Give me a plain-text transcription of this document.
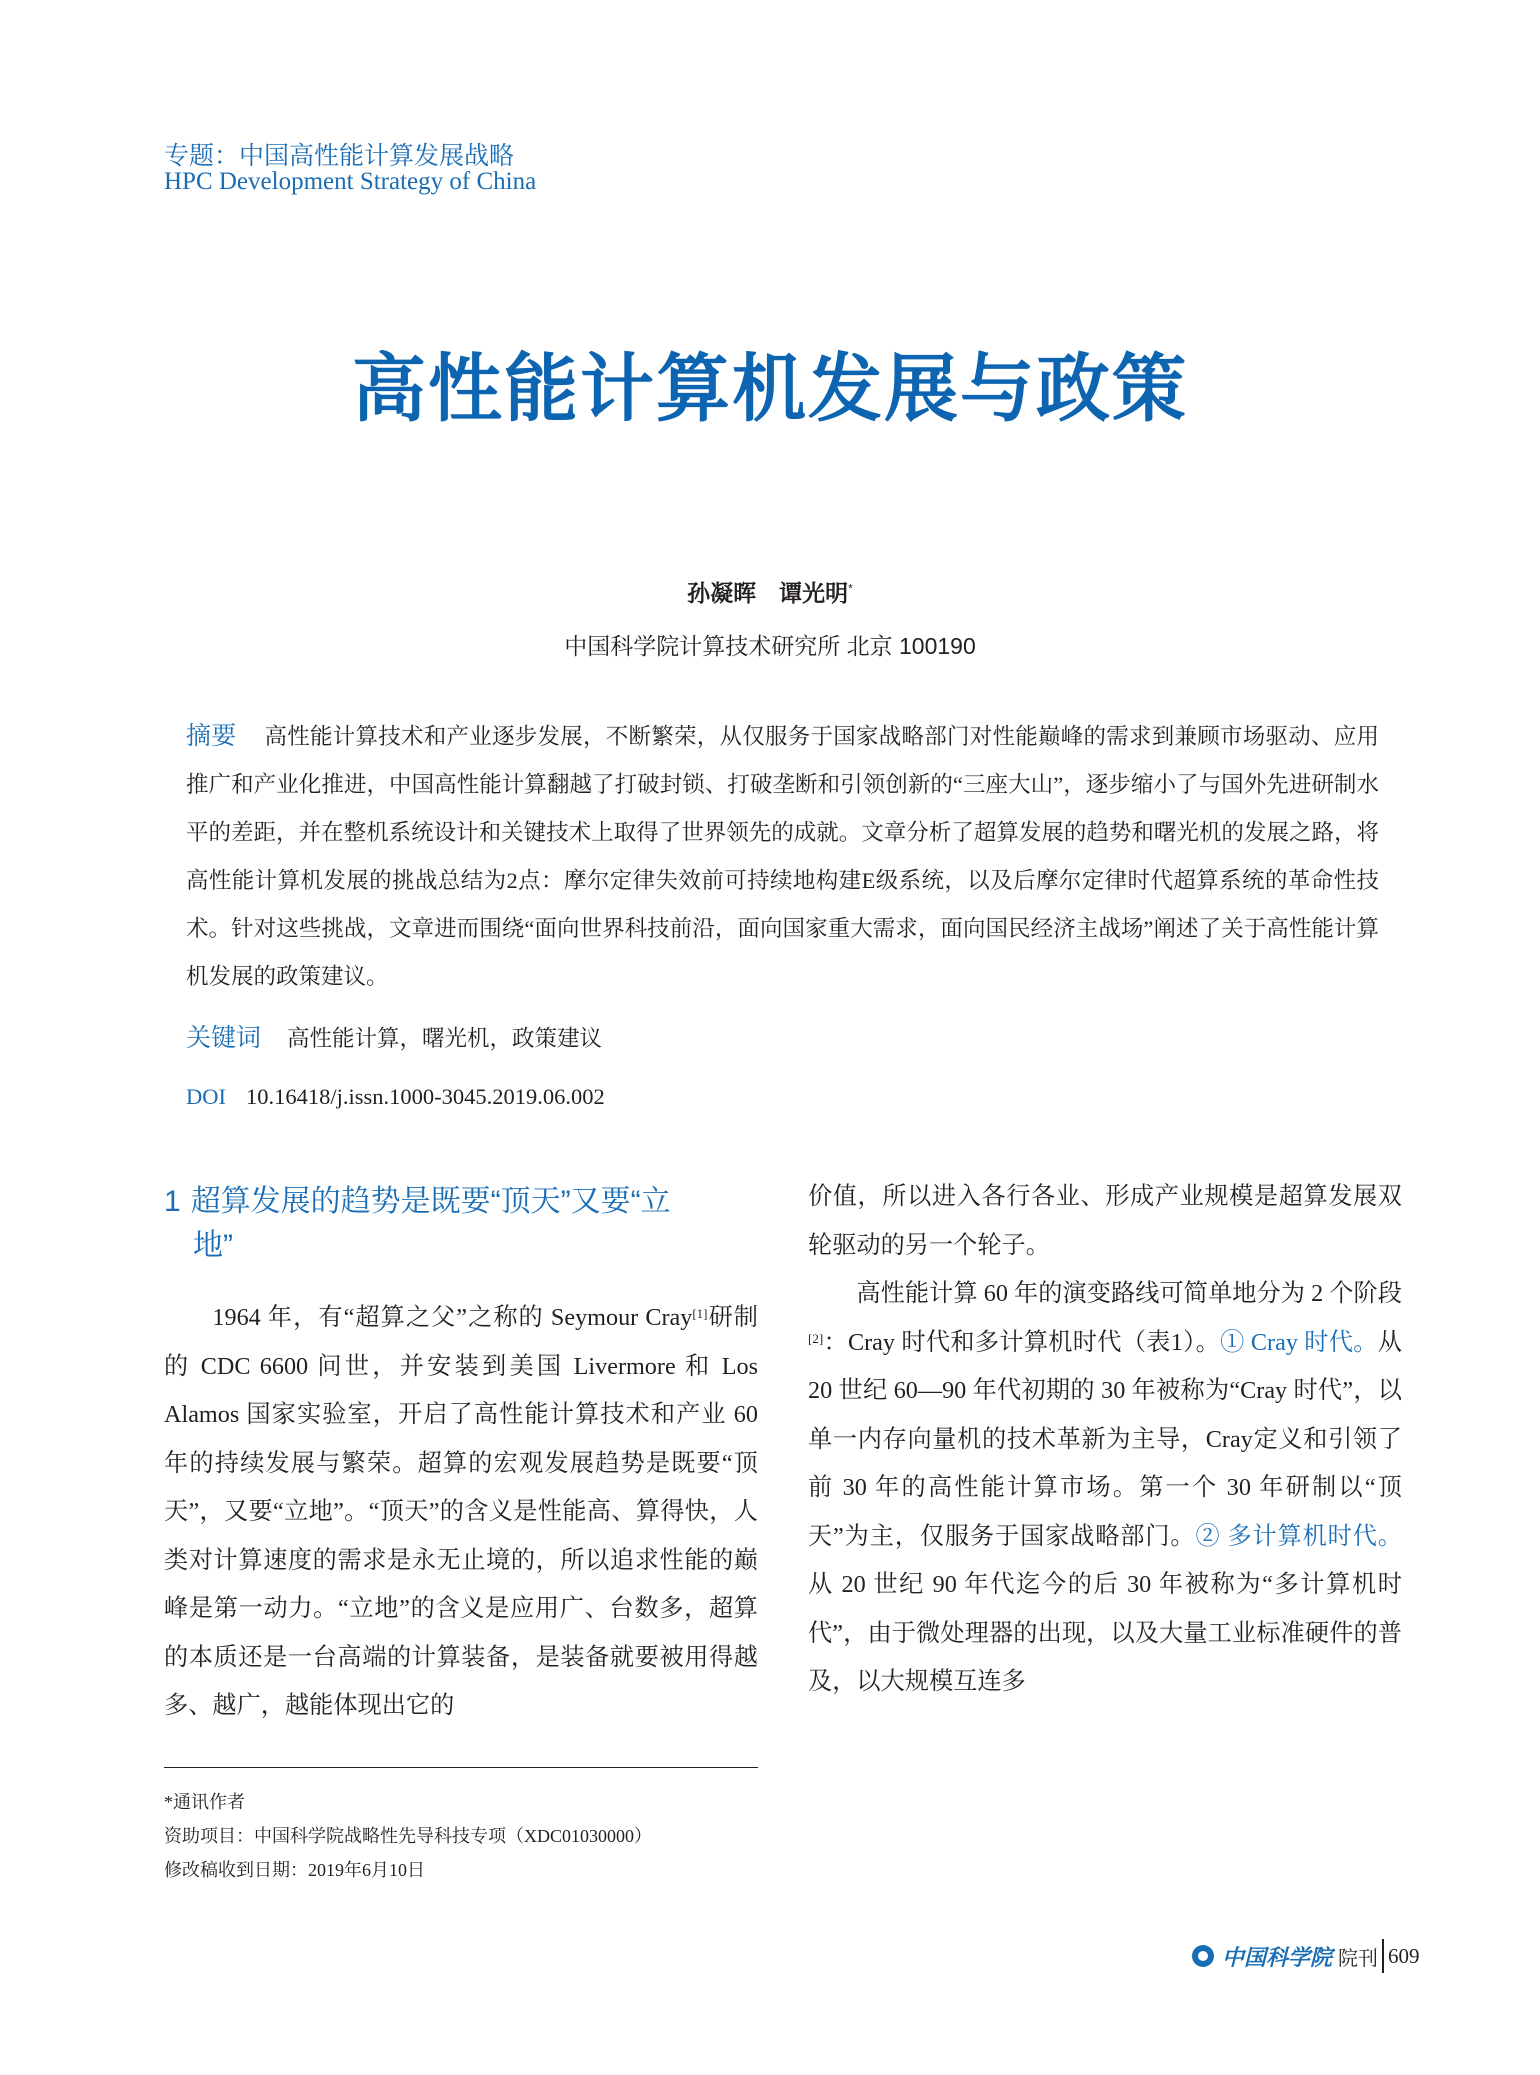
专题：中国高性能计算发展战略
HPC Development Strategy of China
高性能计算机发展与政策
孙凝晖　谭光明*
中国科学院计算技术研究所 北京 100190
摘要 高性能计算技术和产业逐步发展，不断繁荣，从仅服务于国家战略部门对性能巅峰的需求到兼顾市场驱动、应用推广和产业化推进，中国高性能计算翻越了打破封锁、打破垄断和引领创新的“三座大山”，逐步缩小了与国外先进研制水平的差距，并在整机系统设计和关键技术上取得了世界领先的成就。文章分析了超算发展的趋势和曙光机的发展之路，将高性能计算机发展的挑战总结为2点：摩尔定律失效前可持续地构建E级系统，以及后摩尔定律时代超算系统的革命性技术。针对这些挑战，文章进而围绕“面向世界科技前沿，面向国家重大需求，面向国民经济主战场”阐述了关于高性能计算机发展的政策建议。
关键词 高性能计算，曙光机，政策建议
DOI 10.16418/j.issn.1000-3045.2019.06.002
1 超算发展的趋势是既要“顶天”又要“立
地”
1964 年，有“超算之父”之称的 Seymour Cray[1]研制的 CDC 6600 问世，并安装到美国 Livermore 和 Los Alamos 国家实验室，开启了高性能计算技术和产业 60 年的持续发展与繁荣。超算的宏观发展趋势是既要“顶天”，又要“立地”。“顶天”的含义是性能高、算得快，人类对计算速度的需求是永无止境的，所以追求性能的巅峰是第一动力。“立地”的含义是应用广、台数多，超算的本质还是一台高端的计算装备，是装备就要被用得越多、越广，越能体现出它的
价值，所以进入各行各业、形成产业规模是超算发展双轮驱动的另一个轮子。
高性能计算 60 年的演变路线可简单地分为 2 个阶段[2]：Cray 时代和多计算机时代（表1）。① Cray 时代。从 20 世纪 60—90 年代初期的 30 年被称为“Cray 时代”，以单一内存向量机的技术革新为主导，Cray定义和引领了前 30 年的高性能计算市场。第一个 30 年研制以“顶天”为主，仅服务于国家战略部门。② 多计算机时代。从 20 世纪 90 年代迄今的后 30 年被称为“多计算机时代”，由于微处理器的出现，以及大量工业标准硬件的普及，以大规模互连多
*通讯作者
资助项目：中国科学院战略性先导科技专项（XDC01030000）
修改稿收到日期：2019年6月10日
中国科学院 院刊 609
